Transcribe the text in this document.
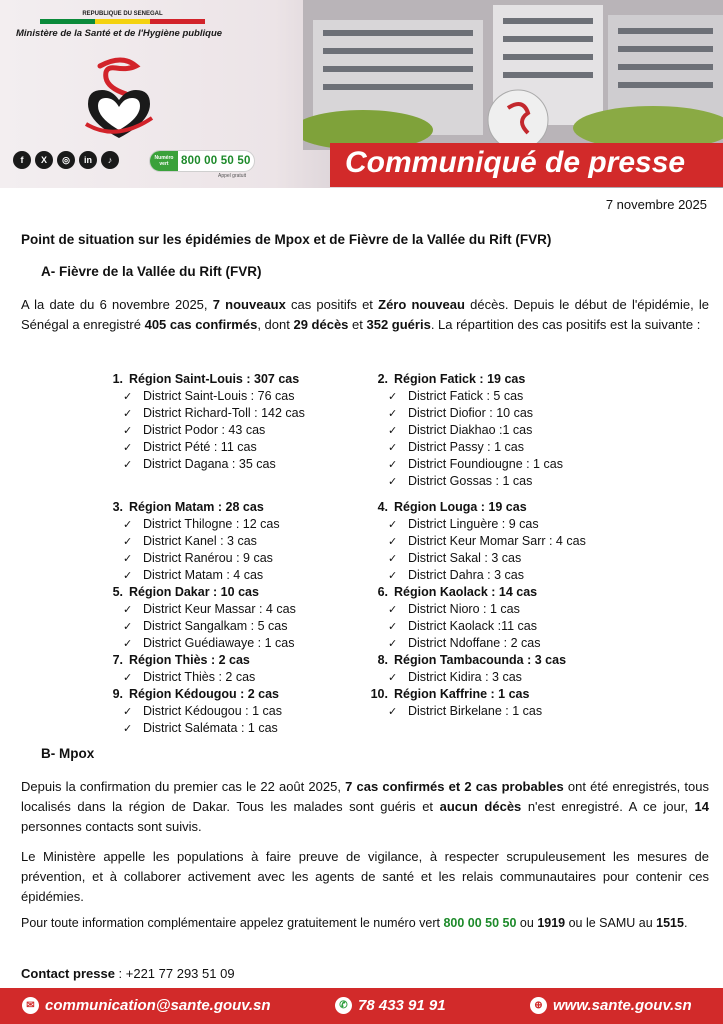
REPUBLIQUE DU SENEGAL
Ministère de la Santé et de l'Hygiène publique
f	X	◎	in	♪	Numéro vert	800 00 50 50
Appel gratuit	Communiqué de presse
7 novembre 2025
Point de situation sur les épidémies de Mpox et de Fièvre de la Vallée du Rift (FVR)
A- Fièvre de la Vallée du Rift (FVR)
A la date du 6 novembre 2025, 7 nouveaux cas positifs et Zéro nouveau décès. Depuis le début de l'épidémie, le Sénégal a enregistré 405 cas confirmés, dont 29 décès et 352 guéris. La répartition des cas positifs est la suivante :
1. Région Saint-Louis : 307 cas
✓ District Saint-Louis : 76 cas
✓ District Richard-Toll : 142 cas
✓ District Podor : 43 cas
✓ District Pété : 11 cas
✓ District Dagana : 35 cas
3. Région Matam : 28 cas
✓ District Thilogne : 12 cas
✓ District Kanel : 3 cas
✓ District Ranérou : 9 cas
✓ District Matam : 4 cas
5. Région Dakar : 10 cas
✓ District Keur Massar : 4 cas
✓ District Sangalkam : 5 cas
✓ District Guédiawaye : 1 cas
7. Région Thiès : 2 cas
✓ District Thiès : 2 cas
9. Région Kédougou : 2 cas
✓ District Kédougou : 1 cas
✓ District Salémata : 1 cas
2. Région Fatick : 19 cas
✓ District Fatick : 5 cas
✓ District Diofior : 10 cas
✓ District Diakhao :1 cas
✓ District Passy : 1 cas
✓ District Foundiougne : 1 cas
✓ District Gossas : 1 cas
4. Région Louga : 19 cas
✓ District Linguère : 9 cas
✓ District Keur Momar Sarr : 4 cas
✓ District Sakal : 3 cas
✓ District Dahra : 3 cas
6. Région Kaolack : 14 cas
✓ District Nioro : 1 cas
✓ District Kaolack :11 cas
✓ District Ndoffane : 2 cas
8. Région Tambacounda : 3 cas
✓ District Kidira : 3 cas
10. Région Kaffrine : 1 cas
✓ District Birkelane : 1 cas
B- Mpox
Depuis la confirmation du premier cas le 22 août 2025, 7 cas confirmés et 2 cas probables ont été enregistrés, tous localisés dans la région de Dakar. Tous les malades sont guéris et aucun décès n'est enregistré. A ce jour, 14 personnes contacts sont suivis.
Le Ministère appelle les populations à faire preuve de vigilance, à respecter scrupuleusement les mesures de prévention, et à collaborer activement avec les agents de santé et les relais communautaires pour contenir ces épidémies.
Pour toute information complémentaire appelez gratuitement le numéro vert 800 00 50 50 ou 1919 ou le SAMU au 1515.
Contact presse : +221 77 293 51 09
✉ communication@sante.gouv.sn	✆ 78 433 91 91	⊕ www.sante.gouv.sn
